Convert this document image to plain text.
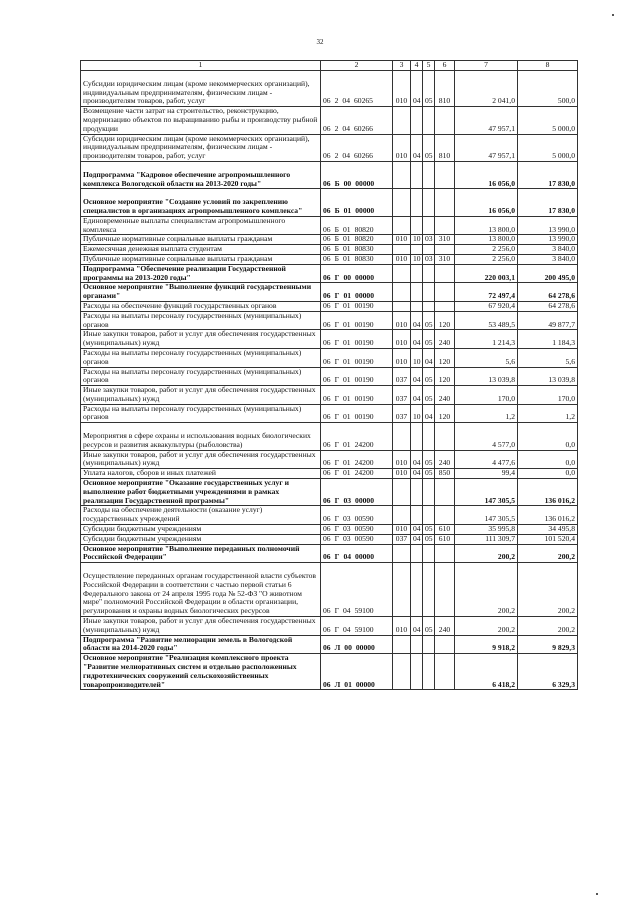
32
1	2	3	4	5	6	7	8
Субсидии юридическим лицам (кроме некоммерческих организаций), индивидуальным предпринимателям, физическим лицам - производителям товаров, работ, услуг	06 2 04 60265	010	04	05	810	2 041,0	500,0
Возмещение части затрат на строительство, реконструкцию, модернизацию объектов по выращиванию рыбы и производству рыбной продукции	06 2 04 60266					47 957,1	5 000,0
Субсидии юридическим лицам (кроме некоммерческих организаций), индивидуальным предпринимателям, физическим лицам - производителям товаров, работ, услуг	06 2 04 60266	010	04	05	810	47 957,1	5 000,0
Подпрограмма "Кадровое обеспечение агропромышленного комплекса Вологодской области на 2013-2020 годы"	06 Б 00 00000					16 056,0	17 830,0
Основное мероприятие "Создание условий по закреплению специалистов в организациях агропромышленного комплекса"	06 Б 01 00000					16 056,0	17 830,0
Единовременные выплаты специалистам агропромышленного комплекса	06 Б 01 80820					13 800,0	13 990,0
Публичные нормативные социальные выплаты гражданам	06 Б 01 80820	010	10	03	310	13 800,0	13 990,0
Ежемесячная денежная выплата студентам	06 Б 01 80830					2 256,0	3 840,0
Публичные нормативные социальные выплаты гражданам	06 Б 01 80830	010	10	03	310	2 256,0	3 840,0
Подпрограмма "Обеспечение реализации Государственной программы на 2013-2020 годы"	06 Г 00 00000					220 003,1	200 495,0
Основное мероприятие "Выполнение функций государственными органами"	06 Г 01 00000					72 497,4	64 278,6
Расходы на обеспечение функций государственных органов	06 Г 01 00190					67 920,4	64 278,6
Расходы на выплаты персоналу государственных (муниципальных) органов	06 Г 01 00190	010	04	05	120	53 489,5	49 877,7
Иные закупки товаров, работ и услуг для обеспечения государственных (муниципальных) нужд	06 Г 01 00190	010	04	05	240	1 214,3	1 184,3
Расходы на выплаты персоналу государственных (муниципальных) органов	06 Г 01 00190	010	10	04	120	5,6	5,6
Расходы на выплаты персоналу государственных (муниципальных) органов	06 Г 01 00190	037	04	05	120	13 039,8	13 039,8
Иные закупки товаров, работ и услуг для обеспечения государственных (муниципальных) нужд	06 Г 01 00190	037	04	05	240	170,0	170,0
Расходы на выплаты персоналу государственных (муниципальных) органов	06 Г 01 00190	037	10	04	120	1,2	1,2
Мероприятия в сфере охраны и использования водных биологических ресурсов и развития аквакультуры (рыболовства)	06 Г 01 24200					4 577,0	0,0
Иные закупки товаров, работ и услуг для обеспечения государственных (муниципальных) нужд	06 Г 01 24200	010	04	05	240	4 477,6	0,0
Уплата налогов, сборов и иных платежей	06 Г 01 24200	010	04	05	850	99,4	0,0
Основное мероприятие "Оказание государственных услуг и выполнение работ бюджетными учреждениями в рамках реализации Государственной программы"	06 Г 03 00000					147 305,5	136 016,2
Расходы на обеспечение деятельности (оказание услуг) государственных учреждений	06 Г 03 00590					147 305,5	136 016,2
Субсидии бюджетным учреждениям	06 Г 03 00590	010	04	05	610	35 995,8	34 495,8
Субсидии бюджетным учреждениям	06 Г 03 00590	037	04	05	610	111 309,7	101 520,4
Основное мероприятие "Выполнение переданных полномочий Российской Федерации"	06 Г 04 00000					200,2	200,2
Осуществление переданных органам государственной власти субъектов Российской Федерации в соответствии с частью первой статьи 6 Федерального закона от 24 апреля 1995 года № 52-ФЗ "О животном мире" полномочий Российской Федерации в области организации, регулирования и охраны водных биологических ресурсов	06 Г 04 59100					200,2	200,2
Иные закупки товаров, работ и услуг для обеспечения государственных (муниципальных) нужд	06 Г 04 59100	010	04	05	240	200,2	200,2
Подпрограмма "Развитие мелиорации земель в Вологодской области на 2014-2020 годы"	06 Л 00 00000					9 918,2	9 829,3
Основное мероприятие "Реализация комплексного проекта "Развитие мелиоративных систем и отдельно расположенных гидротехнических сооружений сельскохозяйственных товаропроизводителей"	06 Л 01 00000					6 418,2	6 329,3
